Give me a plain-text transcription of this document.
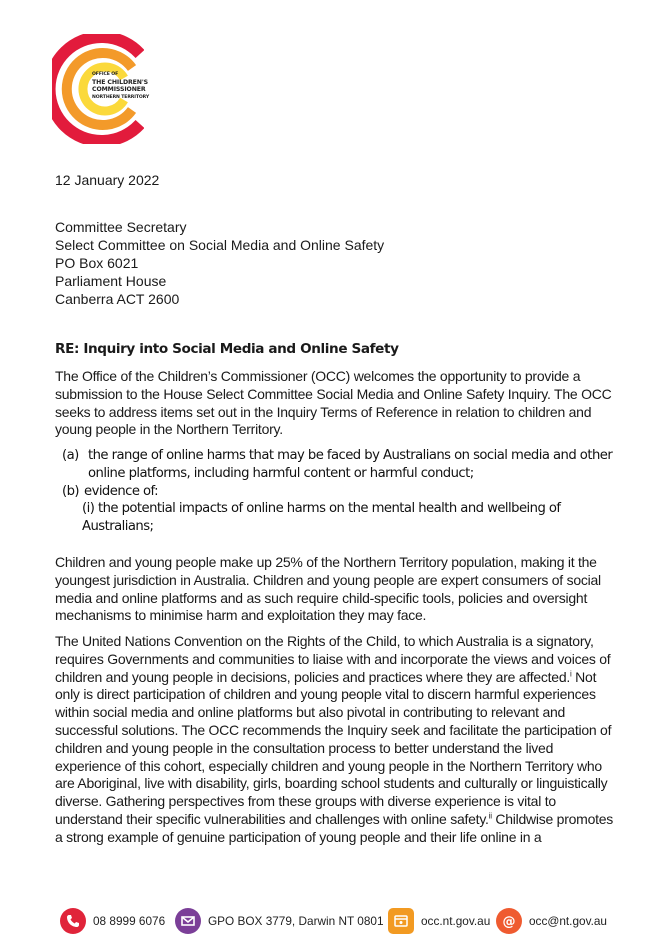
OFFICE OF
THE CHILDREN'S
COMMISSIONER
NORTHERN TERRITORY
12 January 2022
Committee Secretary
Select Committee on Social Media and Online Safety
PO Box 6021
Parliament House
Canberra ACT 2600
RE: Inquiry into Social Media and Online Safety
The Office of the Children’s Commissioner (OCC) welcomes the opportunity to provide a submission to the House Select Committee Social Media and Online Safety Inquiry. The OCC seeks to address items set out in the Inquiry Terms of Reference in relation to children and young people in the Northern Territory.
(a) the range of online harms that may be faced by Australians on social media and other online platforms, including harmful content or harmful conduct;
(b) evidence of:
(i) the potential impacts of online harms on the mental health and wellbeing of Australians;
Children and young people make up 25% of the Northern Territory population, making it the youngest jurisdiction in Australia. Children and young people are expert consumers of social media and online platforms and as such require child-specific tools, policies and oversight mechanisms to minimise harm and exploitation they may face.
The United Nations Convention on the Rights of the Child, to which Australia is a signatory, requires Governments and communities to liaise with and incorporate the views and voices of children and young people in decisions, policies and practices where they are affected.$^i$ Not only is direct participation of children and young people vital to discern harmful experiences within social media and online platforms but also pivotal in contributing to relevant and successful solutions. The OCC recommends the Inquiry seek and facilitate the participation of children and young people in the consultation process to better understand the lived experience of this cohort, especially children and young people in the Northern Territory who are Aboriginal, live with disability, girls, boarding school students and culturally or linguistically diverse. Gathering perspectives from these groups with diverse experience is vital to understand their specific vulnerabilities and challenges with online safety.$^{ii}$ Childwise promotes a strong example of genuine participation of young people and their life online in a
08 8999 6076	GPO BOX 3779, Darwin NT 0801	occ.nt.gov.au @ occ@nt.gov.au
